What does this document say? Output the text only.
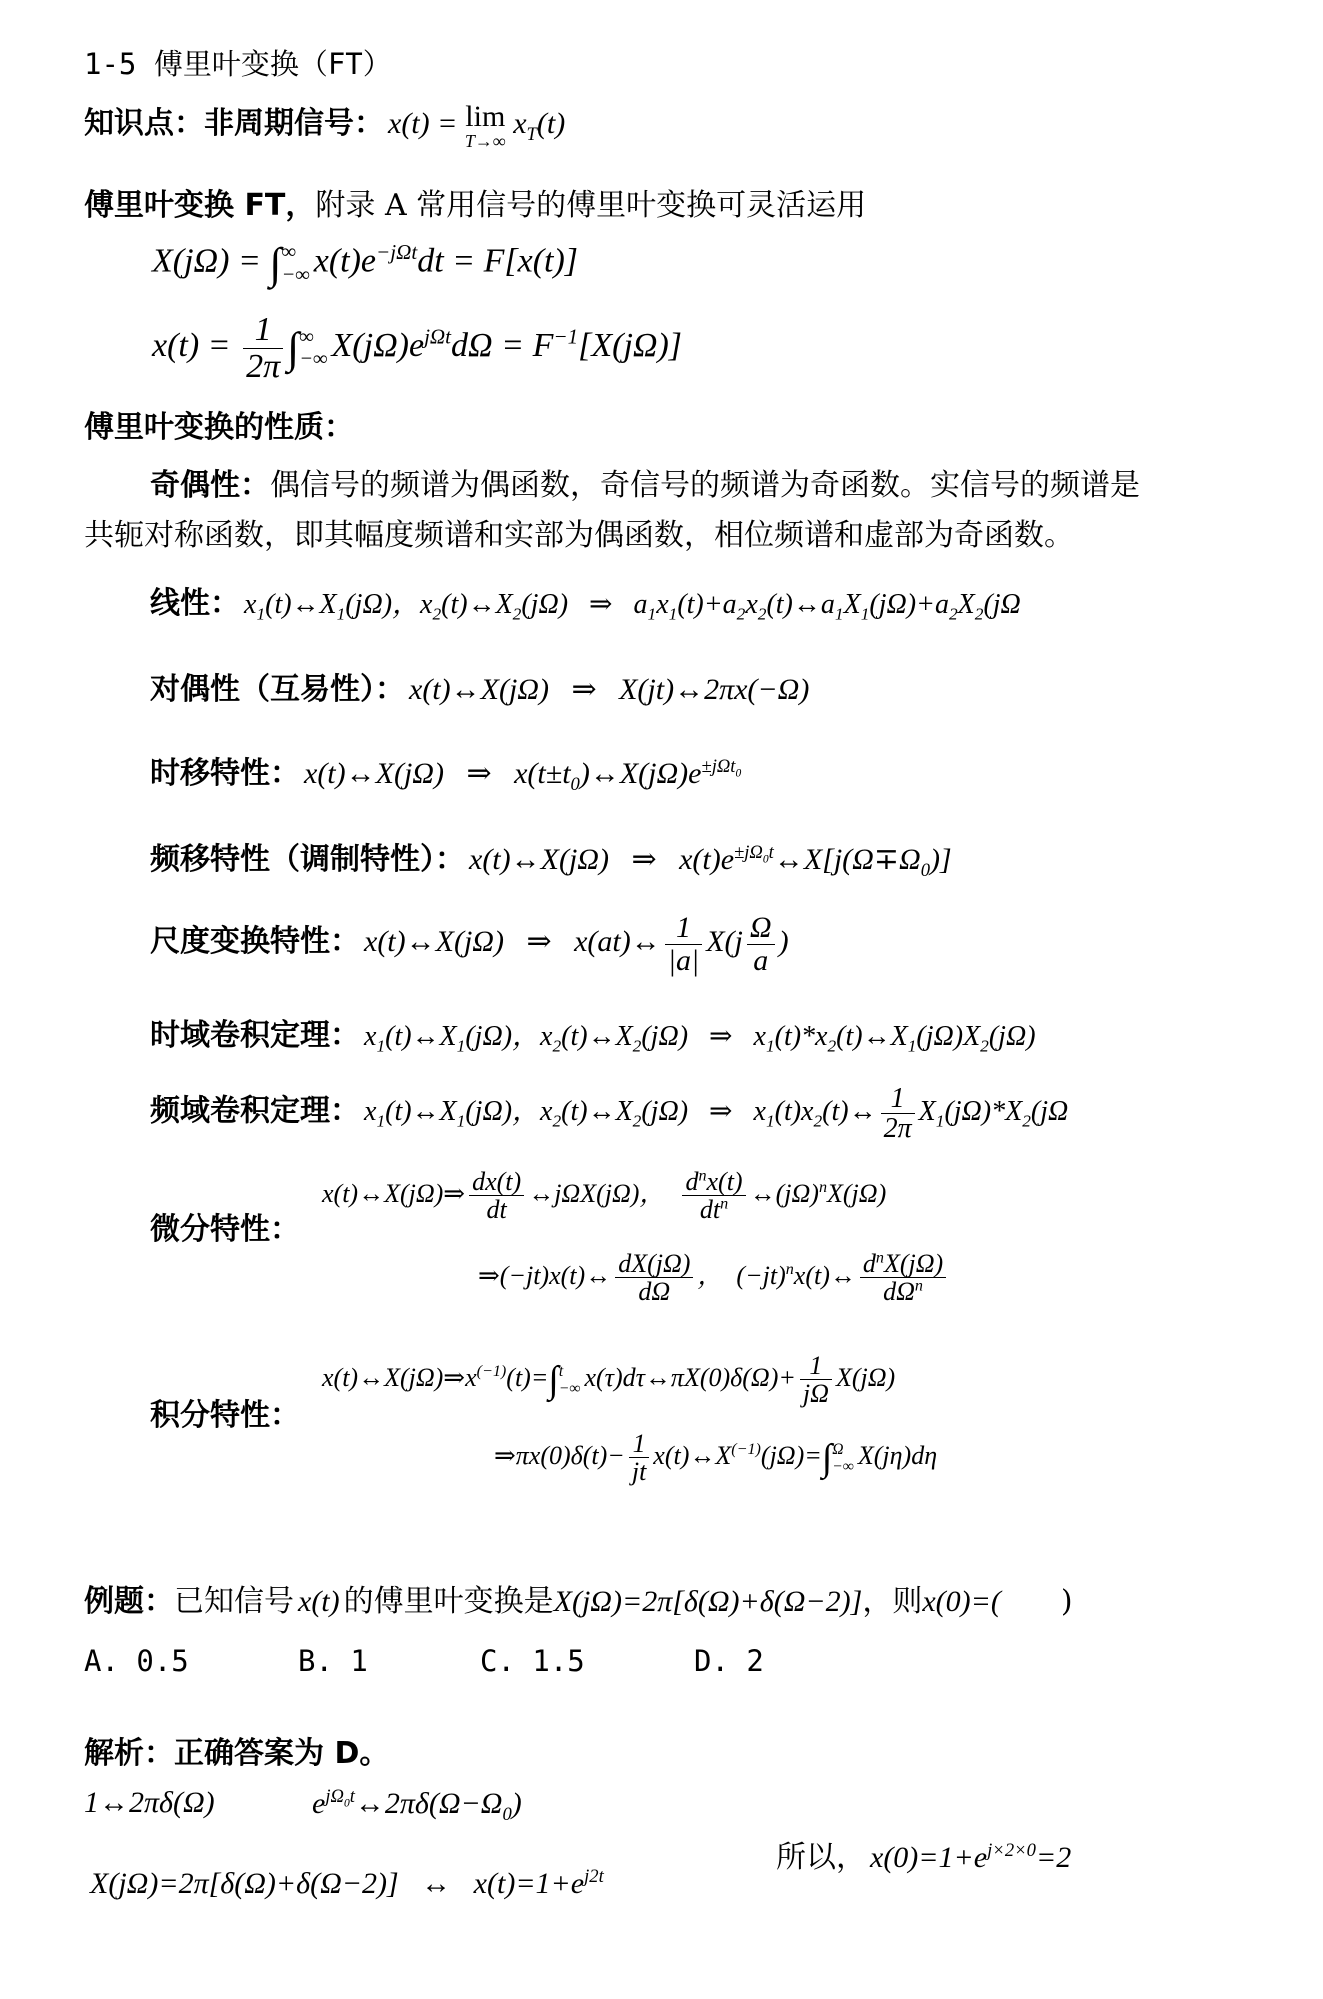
1-5 傅里叶变换（FT）
知识点：非周期信号： x(t) = lim
T→∞
$x_T(t)$
傅里叶变换 FT，附录 A 常用信号的傅里叶变换可灵活运用
X(jΩ) = ∫ ∞
−∞ $x(t)e^{-j\Omega t}dt = F[x(t)]$
$x(t) = \frac{1}{2\pi}$ ∫ ∞
−∞ $X(j\Omega)e^{j\Omega t}d\Omega = F^{-1}[X(j\Omega)]$
傅里叶变换的性质：
奇偶性：偶信号的频谱为偶函数，奇信号的频谱为奇函数。实信号的频谱是
共轭对称函数，即其幅度频谱和实部为偶函数，相位频谱和虚部为奇函数。
线性： $x_1(t)\leftrightarrow X_1(j\Omega)$，$x_2(t)\leftrightarrow X_2(j\Omega)$   ⇒   $a_1x_1(t)+a_2x_2(t)\leftrightarrow a_1X_1(j\Omega)+a_2X_2(j\Omega$
对偶性（互易性）： x(t)↔X(jΩ)   ⇒   X(jt)↔2πx(−Ω)
时移特性： x(t)↔X(jΩ)   ⇒   $x(t\pm t_0)\leftrightarrow X(j\Omega)e^{\pm j\Omega t_0}$
频移特性（调制特性）： x(t)↔X(jΩ)   ⇒   $x(t)e^{\pm j\Omega_0t}\leftrightarrow X[j(\Omega\mp\Omega_0)]$
尺度变换特性： x(t)↔X(jΩ)   ⇒   x(at)↔ $\frac{1}{|a|} X(j \frac{\Omega}{a}$ )
时域卷积定理： $x_1(t)\leftrightarrow X_1(j\Omega)$，$x_2(t)\leftrightarrow X_2(j\Omega)$   ⇒   $x_1(t)*x_2(t)\leftrightarrow X_1(j\Omega)X_2(j\Omega)$
频域卷积定理： $x_1(t)\leftrightarrow X_1(j\Omega)$，$x_2(t)\leftrightarrow X_2(j\Omega)$   ⇒   $x_1(t)x_2(t)\leftrightarrow \frac{1}{2\pi} X_1(j\Omega)*X_2(j\Omega$
微分特性：
x(t)↔X(jΩ)⇒ $\frac{dx(t)}{dt}$ ↔jΩX(jΩ)， $\frac{d^nx(t)}{dt^n}$ $\leftrightarrow(j\Omega)^nX(j\Omega)$
⇒(−jt)x(t)↔ $\frac{dX(j\Omega)}{d\Omega}$ ，  $(-jt)^nx(t)\leftrightarrow \frac{d^nX(j\Omega)}{d\Omega^n}$
积分特性：
$x(t)\leftrightarrow X(j\Omega)\Rightarrow x^{(-1)}(t)=\int$ t
−∞ x(τ)dτ↔πX(0)δ(Ω)+ $\frac{1}{j\Omega} X(j\Omega)$
⇒πx(0)δ(t)− $\frac{1}{jt}$ $x(t)\leftrightarrow X^{(-1)}(j\Omega)=\int$ Ω
−∞ X(jη)dη
例题：已知信号 x(t) 的傅里叶变换是X(jΩ)=2π[δ(Ω)+δ(Ω−2)]，则x(0)=( )
A. 0.5	B. 1	C. 1.5	D. 2
解析：正确答案为 D。
1↔2πδ(Ω)	$e^{j\Omega_0t}\leftrightarrow 2\pi\delta(\Omega-\Omega_0)$
X(jΩ)=2π[δ(Ω)+δ(Ω−2)]   ↔   $x(t)=1+e^{j2t}$
所以， $x(0)=1+e^{j\times 2\times 0}=2$
